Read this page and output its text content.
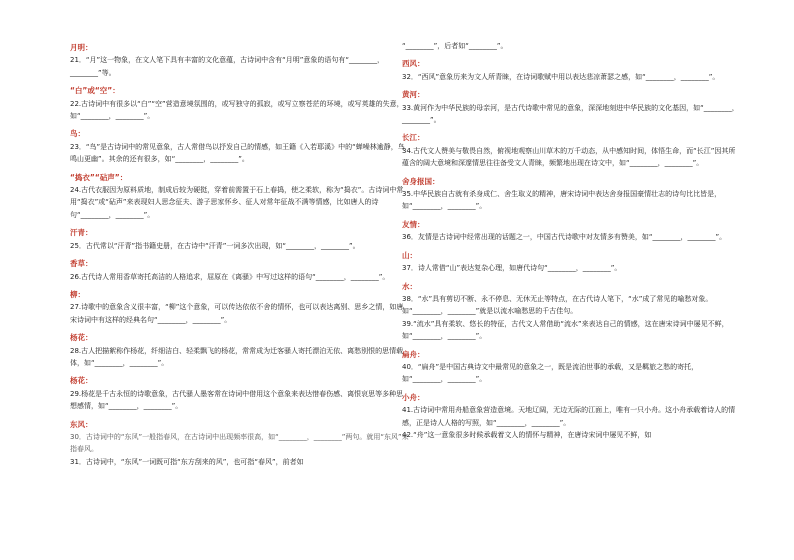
月明：

21．“月”这一物象，在文人笔下具有丰富的文化意蕴，古诗词中含有“月明”意象的语句有“________，________”等。

“白”或“空”：

22.古诗词中有很多以“白”“空”营造意境氛围的，或写独守的孤寂，或写立察苍茫的环境，或写英雄的失意，如“________，________”。

鸟：

23．“鸟”是古诗词中的常见意象，古人常借鸟以抒发自己的情感，如王籍《入若耶溪》中的“蝉噪林逾静，鸟鸣山更幽”。其余的还有很多，如“________，________”。

“捣衣”“砧声”：

24.古代衣服因为原料质地，制成后较为硬挺，穿着前需置于石上春捣，使之柔软，称为“捣衣”。古诗词中常用“捣衣”或“砧声”来表现妇人思念征夫、游子思家怀乡、征人对常年征战不满等情感，比如唐人的诗句“________，________”。

汗青：

25．古代常以“汗青”指书籍史册，在古诗中“汗青”一词多次出现，如“________，________”。

香草：

26.古代诗人常用香草寄托高洁的人格追求，屈原在《离骚》中写过这样的语句“________，________”。

柳：

27.诗歌中的意象含义很丰富，“柳”这个意象，可以传达依依不舍的情怀，也可以表达离别、思乡之情，如唐宋诗词中有这样的经典名句“________，________”。

杨花：

28.古人把描絮称作杨花，纤细洁白、轻柔飘飞的杨花，常常成为迁客骚人寄托漂泊无依、离愁别恨的思情载体，如“________，________”。

杨花：

29.杨花是千古永恒的诗歌意象，古代骚人墨客常在诗词中借用这个意象来表达惜春伤感、离恨哀思等多种思想感情，如“________，________”。

东风：

30．古诗词中的“东风”一般指春风，在古诗词中出现频率很高，如“________，________”两句。就用“东风”来指春风。

31．古诗词中，“东风”一词既可指“东方刮来的风”，也可指“春风”，前者如

“________”，后者如“________”。

西风：

32．“西风”意象历来为文人所青睐，在诗词歌赋中用以表达悲凉萧瑟之感，如“________，________”。

黄河：

33.黄河作为中华民族的母亲河，是古代诗歌中常见的意象，深深地刻进中华民族的文化基因，如“________，________”。

长江：

34.古代文人赞美与敬畏自然，俯视地观察山川草木的万千动态，从中感知时间，体悟生命，而“长江”因其所蕴含的阔大意境和深邃情思往往备受文人青睐，频繁地出现在诗文中，如“________，________”。

舍身报国：

35.中华民族自古就有杀身成仁、舍生取义的精神，唐宋诗词中表达舍身报国豪情壮志的诗句比比皆是，如“________，________”。

友情：

36．友情是古诗词中经常出现的话题之一，中国古代诗歌中对友情多有赞美，如“________，________”。

山：

37．诗人常借“山”表达复杂心理，如唐代诗句“________，________”。

水：

38．“水”具有剪切不断、永不停息、无休无止等特点，在古代诗人笔下，“水”成了常见的喻愁对象。如“________，________”就是以流水喻愁思的千古佳句。

39.“流水”具有柔软、悠长的特征，古代文人常借助“流水”来表达自己的情感，这在唐宋诗词中屡见不鲜，如“________，________”。

扁舟：

40．“扁舟”是中国古典诗文中最常见的意象之一，既是流泊世事的承载，又是羁旅之愁的寄托，如“________，________”。

小舟：

41.古诗词中常用舟船意象营造意境。天地辽阔，无边无际的江面上，唯有一只小舟。这小舟承载着诗人的情感，正是诗人人格的写照，如“________，________”。

42.“舟”这一意象很多时候承载着文人的情怀与精神，在唐诗宋词中屡见不鲜，如
